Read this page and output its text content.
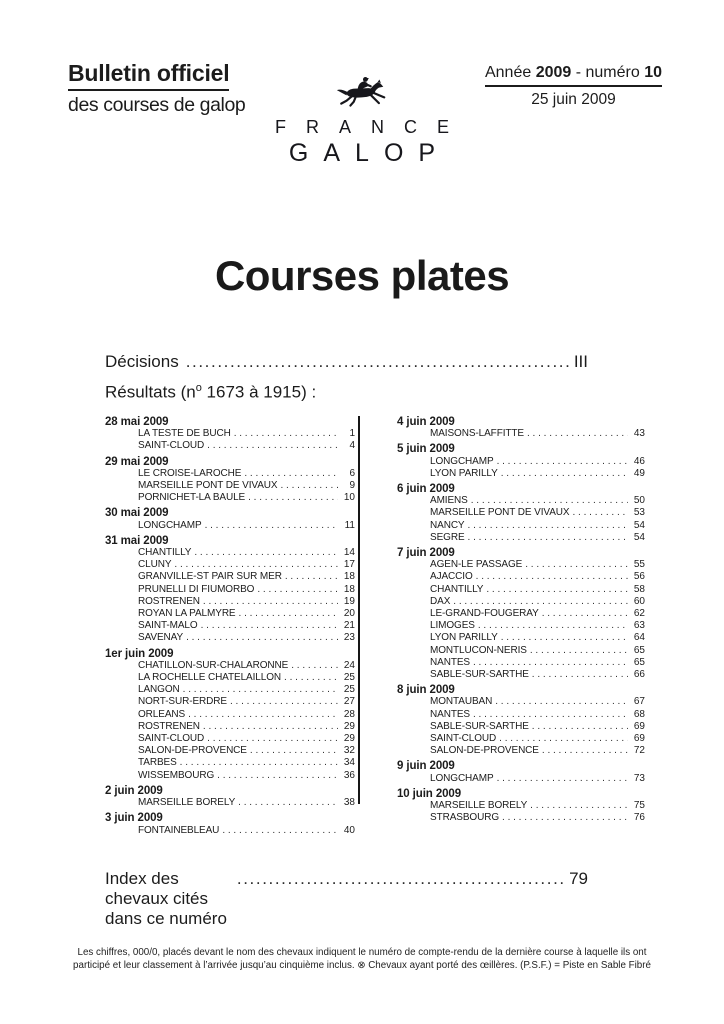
Bulletin officiel
des courses de galop
FRANCE
GALOP
Année 2009 - numéro 10
25 juin 2009
Courses plates
Décisions .....	III
Résultats ($n^o$ 1673 à 1915) :
28 mai 2009
LA TESTE DE BUCH . . .	1
SAINT-CLOUD . . .	4
29 mai 2009
LE CROISE-LAROCHE . . .	6
MARSEILLE PONT DE VIVAUX . . .	9
PORNICHET-LA BAULE . . .	10
30 mai 2009
LONGCHAMP . . .	11
31 mai 2009
CHANTILLY . . .	14
CLUNY . . .	17
GRANVILLE-ST PAIR SUR MER . . .	18
PRUNELLI DI FIUMORBO . . .	18
ROSTRENEN . . .	19
ROYAN LA PALMYRE . . .	20
SAINT-MALO . . .	21
SAVENAY . . .	23
1er juin 2009
CHATILLON-SUR-CHALARONNE . . .	24
LA ROCHELLE CHATELAILLON . . .	25
LANGON . . .	25
NORT-SUR-ERDRE . . .	27
ORLEANS . . .	28
ROSTRENEN . . .	29
SAINT-CLOUD . . .	29
SALON-DE-PROVENCE . . .	32
TARBES . . .	34
WISSEMBOURG . . .	36
2 juin 2009
MARSEILLE BORELY . . .	38
3 juin 2009
FONTAINEBLEAU . . .	40
4 juin 2009
MAISONS-LAFFITTE . . .	43
5 juin 2009
LONGCHAMP . . .	46
LYON PARILLY . . .	49
6 juin 2009
AMIENS . . .	50
MARSEILLE PONT DE VIVAUX . . .	53
NANCY . . .	54
SEGRE . . .	54
7 juin 2009
AGEN-LE PASSAGE . . .	55
AJACCIO . . .	56
CHANTILLY . . .	58
DAX . . .	60
LE-GRAND-FOUGERAY . . .	62
LIMOGES . . .	63
LYON PARILLY . . .	64
MONTLUCON-NERIS . . .	65
NANTES . . .	65
SABLE-SUR-SARTHE . . .	66
8 juin 2009
MONTAUBAN . . .	67
NANTES . . .	68
SABLE-SUR-SARTHE . . .	69
SAINT-CLOUD . . .	69
SALON-DE-PROVENCE . . .	72
9 juin 2009
LONGCHAMP . . .	73
10 juin 2009
MARSEILLE BORELY . . .	75
STRASBOURG . . .	76
Index des chevaux cités dans ce numéro
.....
79
Les chiffres, 000/0, placés devant le nom des chevaux indiquent le numéro de compte-rendu de la dernière course à laquelle ils ont
participé et leur classement à l’arrivée jusqu’au cinquième inclus. ⊗ Chevaux ayant porté des œillères. (P.S.F.) = Piste en Sable Fibré
